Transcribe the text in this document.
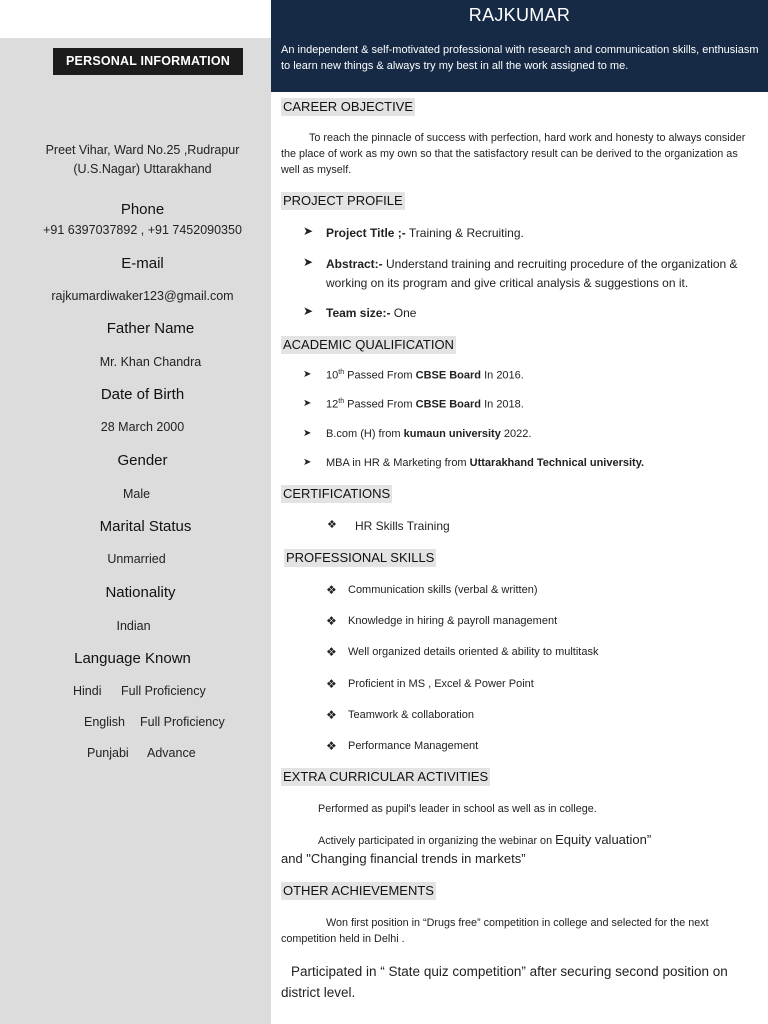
PERSONAL INFORMATION
Preet Vihar, Ward No.25 ,Rudrapur
(U.S.Nagar) Uttarakhand
Phone
+91 6397037892 , +91 7452090350
E-mail
rajkumardiwaker123@gmail.com
Father Name
Mr. Khan Chandra
Date of Birth
28 March 2000
Gender
Male
Marital Status
Unmarried
Nationality
Indian
Language Known
Hindi Full Proficiency
English Full Proficiency
Punjabi Advance
RAJKUMAR
An independent & self-motivated professional with research and communication skills, enthusiasm to learn new things & always try my best in all the work assigned to me.
CAREER OBJECTIVE
To reach the pinnacle of success with perfection, hard work and honesty to always consider the place of work as my own so that the satisfactory result can be derived to the organization as well as myself.
PROJECT PROFILE
➤ Project Title ;- Training & Recruiting.
➤ Abstract:- Understand training and recruiting procedure of the organization & working on its program and give critical analysis & suggestions on it.
➤ Team size:- One
ACADEMIC QUALIFICATION
➤ 10th Passed From CBSE Board In 2016.
➤ 12th Passed From CBSE Board In 2018.
➤ B.com (H) from kumaun university 2022.
➤ MBA in HR & Marketing from Uttarakhand Technical university.
CERTIFICATIONS
❖ HR Skills Training
PROFESSIONAL SKILLS
❖ Communication skills (verbal & written)
❖ Knowledge in hiring & payroll management
❖ Well organized details oriented & ability to multitask
❖ Proficient in MS , Excel & Power Point
❖ Teamwork & collaboration
❖ Performance Management
EXTRA CURRICULAR ACTIVITIES
Performed as pupil's leader in school as well as in college.
Actively participated in organizing the webinar on Equity valuation”
and "Changing financial trends in markets”
OTHER ACHIEVEMENTS
Won first position in “Drugs free” competition in college and selected for the next competition held in Delhi .
Participated in “ State quiz competition” after securing second position on district level.
